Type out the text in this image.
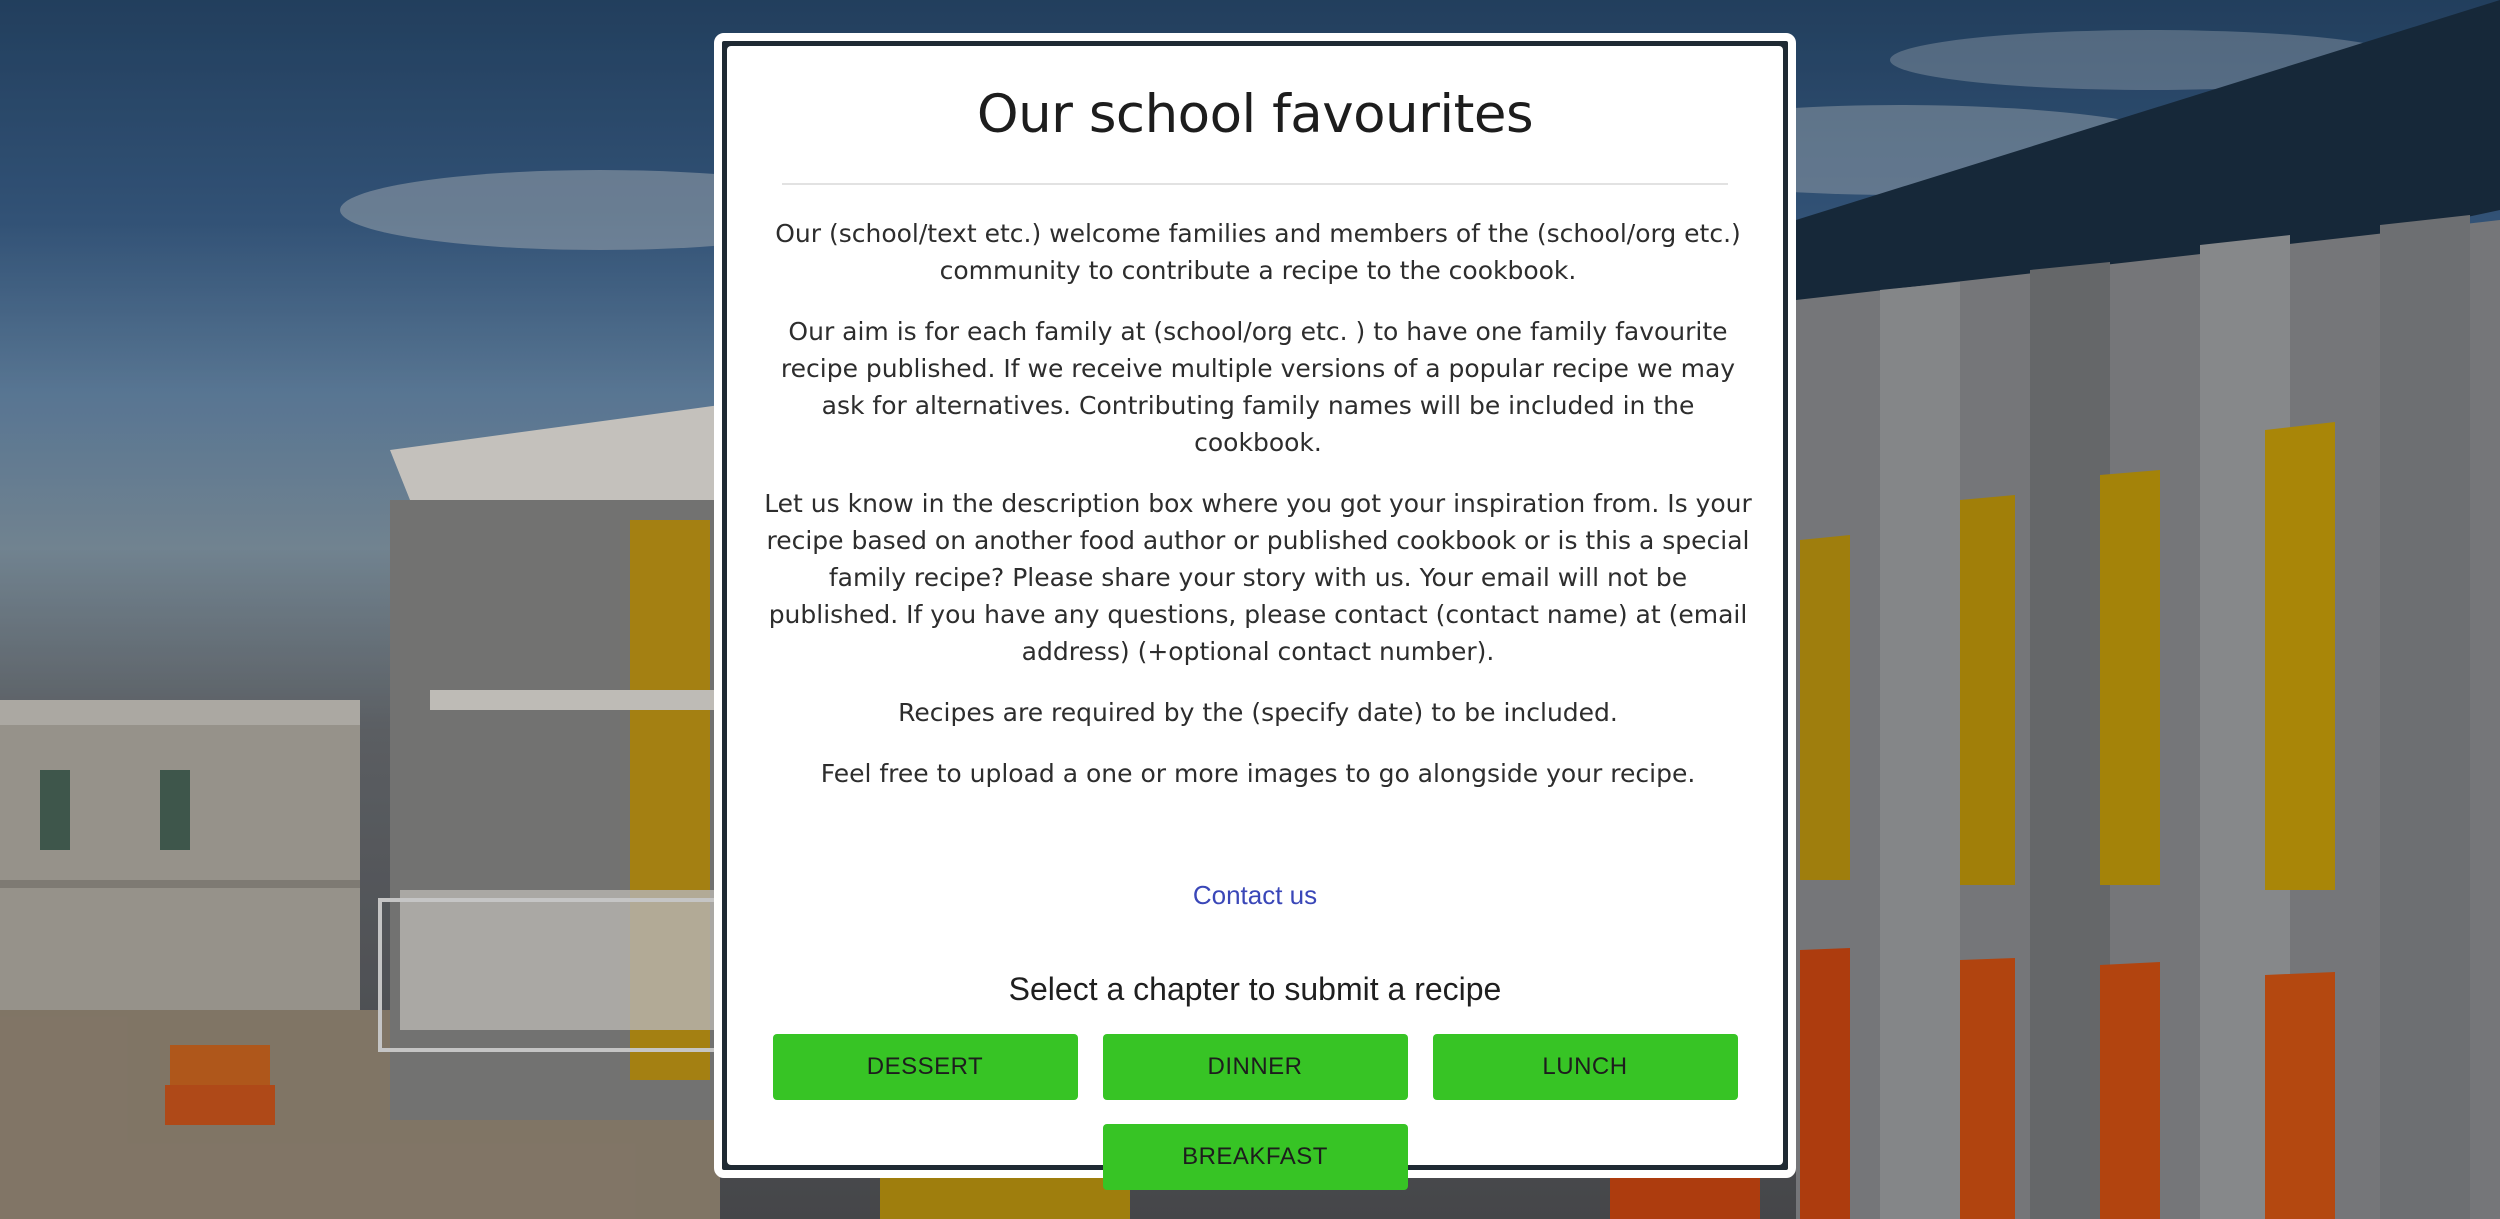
Our school favourites

Our (school/text etc.) welcome families and members of the (school/org etc.) community to contribute a recipe to the cookbook.

Our aim is for each family at (school/org etc. ) to have one family favourite recipe published. If we receive multiple versions of a popular recipe we may ask for alternatives. Contributing family names will be included in the cookbook.

Let us know in the description box where you got your inspiration from. Is your recipe based on another food author or published cookbook or is this a special family recipe? Please share your story with us. Your email will not be published. If you have any questions, please contact (contact name) at (email address) (+optional contact number).

Recipes are required by the (specify date) to be included.

Feel free to upload a one or more images to go alongside your recipe.

Contact us
Select a chapter to submit a recipe
DESSERT	DINNER	LUNCH
BREAKFAST
